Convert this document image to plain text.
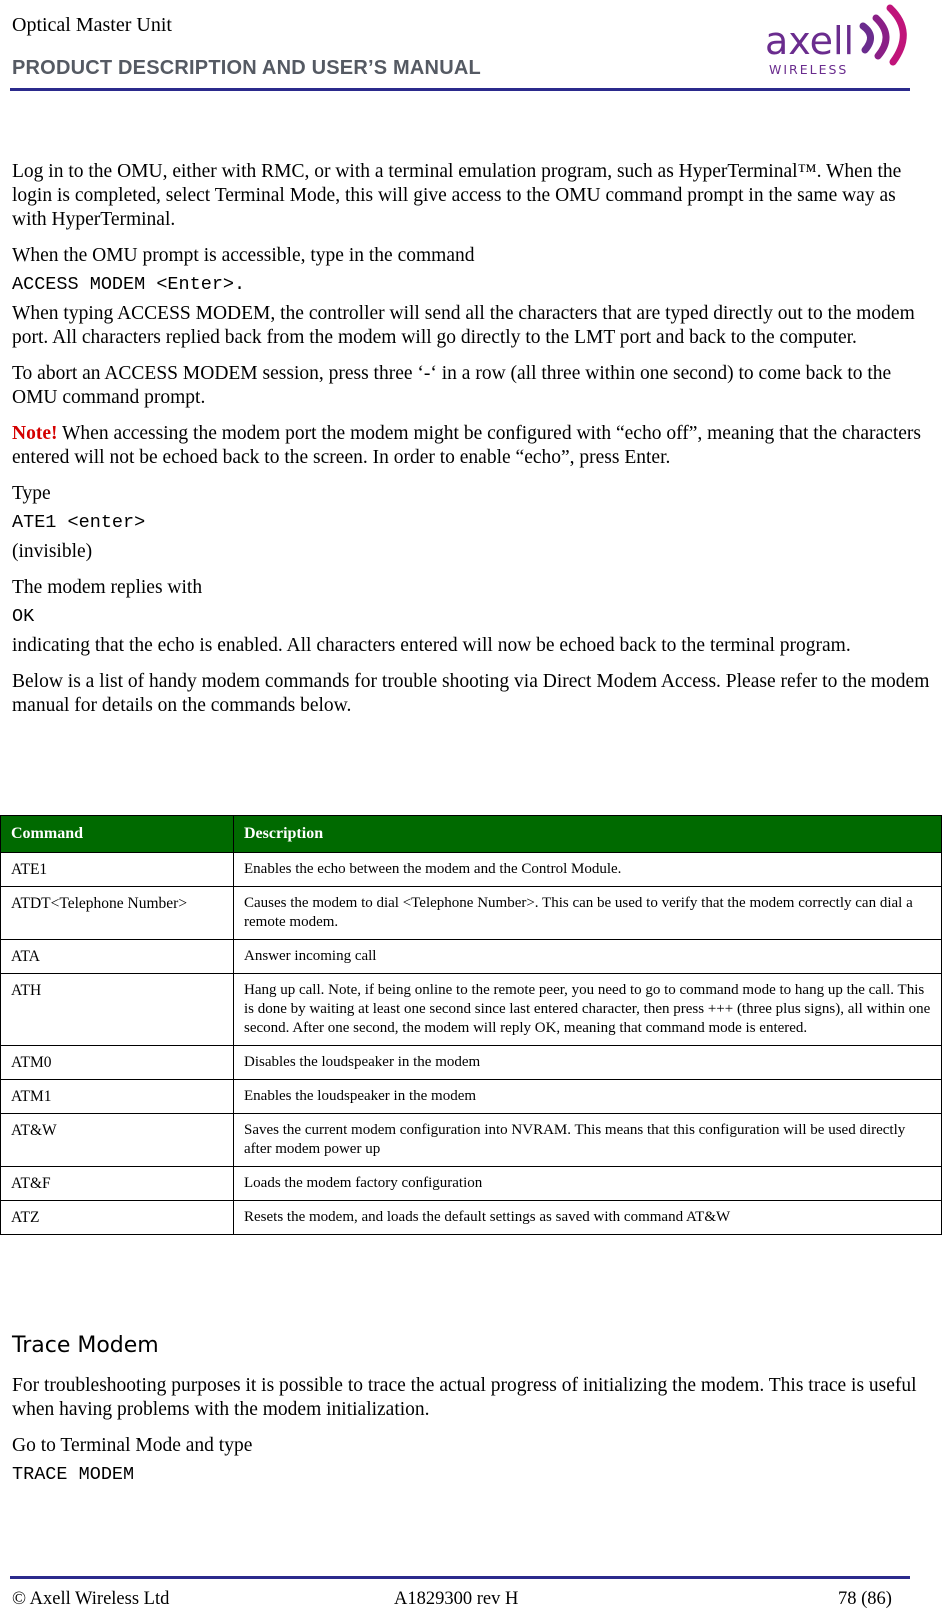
Optical Master Unit
PRODUCT DESCRIPTION AND USER’S MANUAL
axell
WIRELESS

Log in to the OMU, either with RMC, or with a terminal emulation program, such as HyperTerminal™. When the login is completed, select Terminal Mode, this will give access to the OMU command prompt in the same way as with HyperTerminal.

When the OMU prompt is accessible, type in the command

ACCESS MODEM <Enter>.

When typing ACCESS MODEM, the controller will send all the characters that are typed directly out to the modem port. All characters replied back from the modem will go directly to the LMT port and back to the computer.

To abort an ACCESS MODEM session, press three ‘-‘ in a row (all three within one second) to come back to the OMU command prompt.

Note! When accessing the modem port the modem might be configured with “echo off”, meaning that the characters entered will not be echoed back to the screen. In order to enable “echo”, press Enter.

Type

ATE1 <enter>

(invisible)

The modem replies with

OK

indicating that the echo is enabled. All characters entered will now be echoed back to the terminal program.

Below is a list of handy modem commands for trouble shooting via Direct Modem Access. Please refer to the modem manual for details on the commands below.

Command	Description
ATE1	Enables the echo between the modem and the Control Module.
ATDT<Telephone Number>	Causes the modem to dial <Telephone Number>. This can be used to verify that the modem correctly can dial a remote modem.
ATA	Answer incoming call
ATH	Hang up call. Note, if being online to the remote peer, you need to go to command mode to hang up the call. This is done by waiting at least one second since last entered character, then press +++ (three plus signs), all within one second. After one second, the modem will reply OK, meaning that command mode is entered.
ATM0	Disables the loudspeaker in the modem
ATM1	Enables the loudspeaker in the modem
AT&W	Saves the current modem configuration into NVRAM. This means that this configuration will be used directly after modem power up
AT&F	Loads the modem factory configuration
ATZ	Resets the modem, and loads the default settings as saved with command AT&W
Trace Modem

For troubleshooting purposes it is possible to trace the actual progress of initializing the modem. This trace is useful when having problems with the modem initialization.

Go to Terminal Mode and type

TRACE MODEM
© Axell Wireless Ltd	A1829300 rev H	78 (86)
